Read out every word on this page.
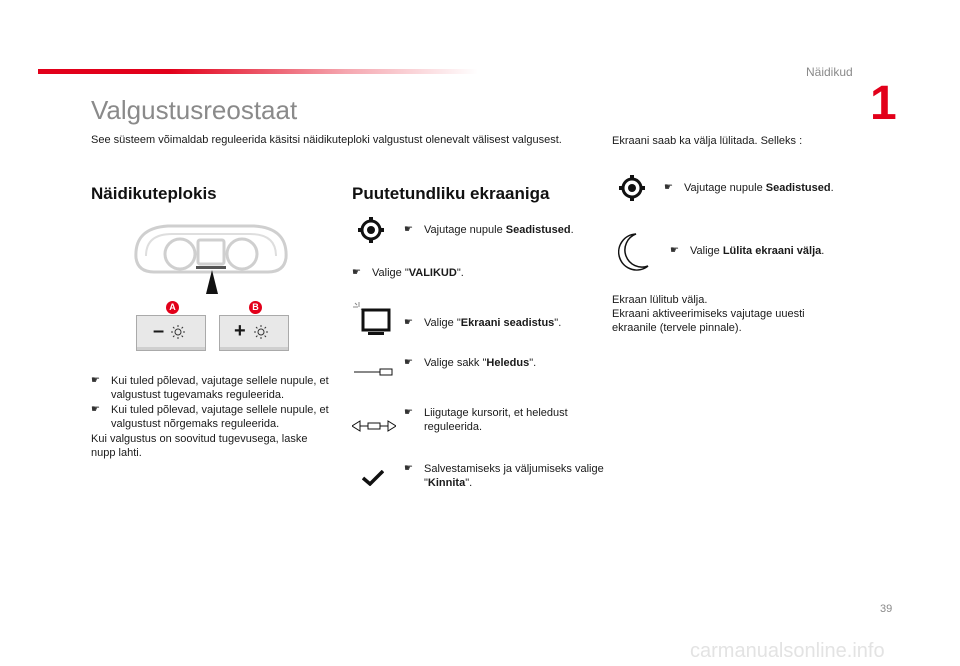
Näidikud
1
Valgustusreostaat
See süsteem võimaldab reguleerida käsitsi näidikuteploki valgustust olenevalt välisest valgusest.
Näidikuteplokis
A	B
–	+
☛ Kui tuled põlevad, vajutage sellele nupule, et valgustust tugevamaks reguleerida.
☛ Kui tuled põlevad, vajutage sellele nupule, et valgustust nõrgemaks reguleerida.
Kui valgustus on soovitud tugevusega, laske nupp lahti.
Puutetundliku ekraaniga
☛ Vajutage nupule Seadistused.
☛ Valige "VALIKUD".
☛ Valige "Ekraani seadistus".
☛ Valige sakk "Heledus".
☛ Liigutage kursorit, et heledust reguleerida.
☛ Salvestamiseks ja väljumiseks valige "Kinnita".
Ekraani saab ka välja lülitada. Selleks :
☛ Vajutage nupule Seadistused.
☛ Valige Lülita ekraani välja.
Ekraan lülitub välja.
Ekraani aktiveerimiseks vajutage uuesti ekraanile (tervele pinnale).
39
carmanualsonline.info
